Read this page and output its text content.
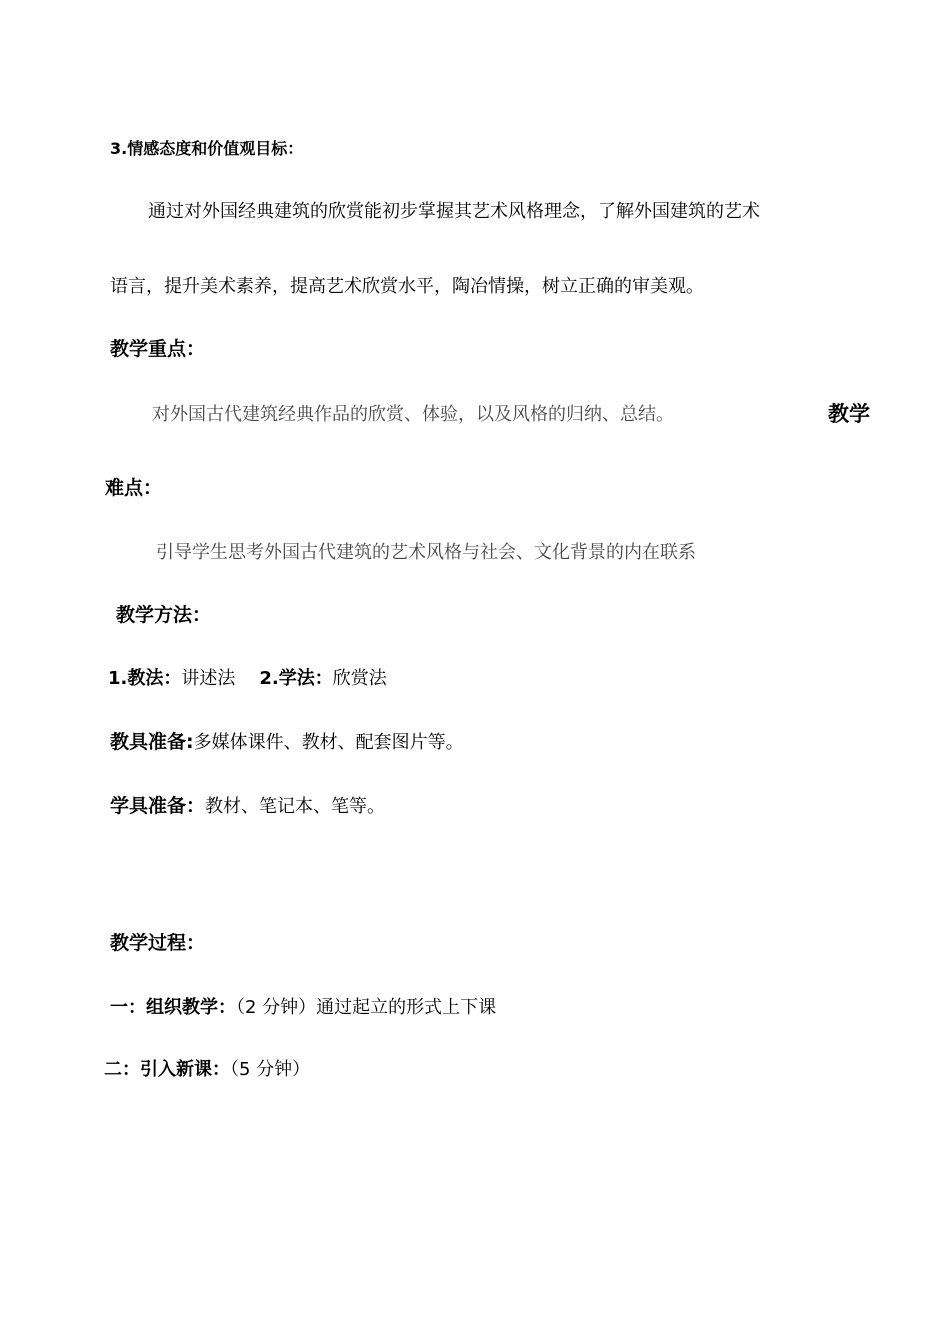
3.情感态度和价值观目标：
通过对外国经典建筑的欣赏能初步掌握其艺术风格理念，了解外国建筑的艺术
语言，提升美术素养，提高艺术欣赏水平，陶冶情操，树立正确的审美观。
教学重点：
对外国古代建筑经典作品的欣赏、体验，以及风格的归纳、总结。	教学
难点：
引导学生思考外国古代建筑的艺术风格与社会、文化背景的内在联系
教学方法：
1.教法：讲述法 2.学法：欣赏法
教具准备:多媒体课件、教材、配套图片等。
学具准备：教材、笔记本、笔等。
教学过程：
一：组织教学：（2 分钟）通过起立的形式上下课
二：引入新课：（5 分钟）
